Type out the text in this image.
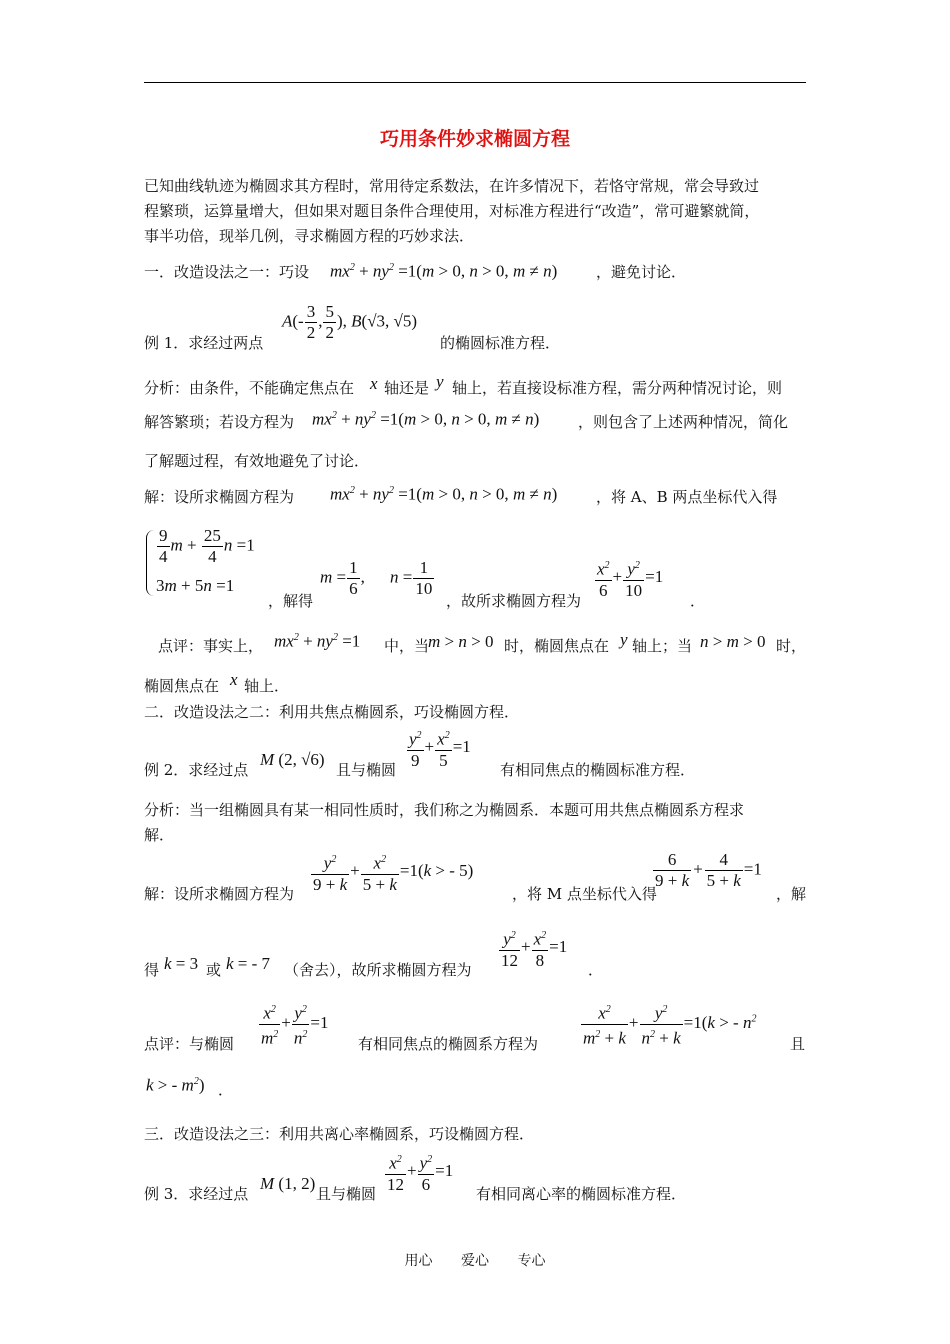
巧用条件妙求椭圆方程
已知曲线轨迹为椭圆求其方程时，常用待定系数法，在许多情况下，若恪守常规，常会导致过
程繁琐，运算量增大，但如果对题目条件合理使用，对标准方程进行“改造”，常可避繁就简，
事半功倍，现举几例，寻求椭圆方程的巧妙求法．
一．改造设法之一：巧设 $mx^2 + ny^2 =1(m > 0$, n > 0, m ≠ n)	，避免讨论．
例 1．求经过两点
$A(- \frac{3}{2}$ , $\frac{5}{2}$ ), B(√3, √5)
的椭圆标准方程．
分析：由条件，不能确定焦点在 x 轴还是 y 轴上，若直接设标准方程，需分两种情况讨论，则
解答繁琐；若设方程为 $mx^2 + ny^2 =1(m > 0$, n > 0, m ≠ n)	，则包含了上述两种情况，简化
了解题过程，有效地避免了讨论．
解：设所求椭圆方程为 $mx^2 + ny^2 =1(m > 0$, n > 0, m ≠ n)	，将 A、B 两点坐标代入得
$\frac{9}{4}$ $m + \frac{25}{4}$ n =1
3m + 5n =1
，解得
$m = \frac{1}{6}$ , $n = \frac{1}{10}$
，故所求椭圆方程为
$\frac{x^2}{6} + \frac{y^2}{10} =1$
．
点评：事实上， $mx^2 + ny^2 =1$ 中，当
m > n > 0 时，椭圆焦点在 y 轴上；当 n > m > 0 时，
椭圆焦点在 x 轴上．
二．改造设法之二：利用共焦点椭圆系，巧设椭圆方程．
例 2．求经过点
M (2, √6)
且与椭圆 $\frac{y^2}{9} + \frac{x^2}{5} =1$
有相同焦点的椭圆标准方程．
分析：当一组椭圆具有某一相同性质时，我们称之为椭圆系．本题可用共焦点椭圆系方程求
解．
解：设所求椭圆方程为 $\frac{y^2}{9 + k} + \frac{x^2}{5 + k} =1(k$ > - 5)
，将 M 点坐标代入得
$\frac{6}{9 + k} + \frac{4}{5 + k} =1$
，解
得 k = 3 或 k = - 7 （舍去），故所求椭圆方程为 $\frac{y^2}{12} + \frac{x^2}{8} =1$
．
点评：与椭圆 $\frac{x^2}{m^2} + \frac{y^2}{n^2} =1$
有相同焦点的椭圆系方程为	$\frac{x^2}{m^2 + k} + \frac{y^2}{n^2 + k} =1(k$ > - $n^2$
且
k > - $m^2$) ．
三．改造设法之三：利用共离心率椭圆系，巧设椭圆方程．
例 3．求经过点
M (1, 2)
且与椭圆 $\frac{x^2}{12} + \frac{y^2}{6} =1$
有相同离心率的椭圆标准方程．
用心 爱心 专心
